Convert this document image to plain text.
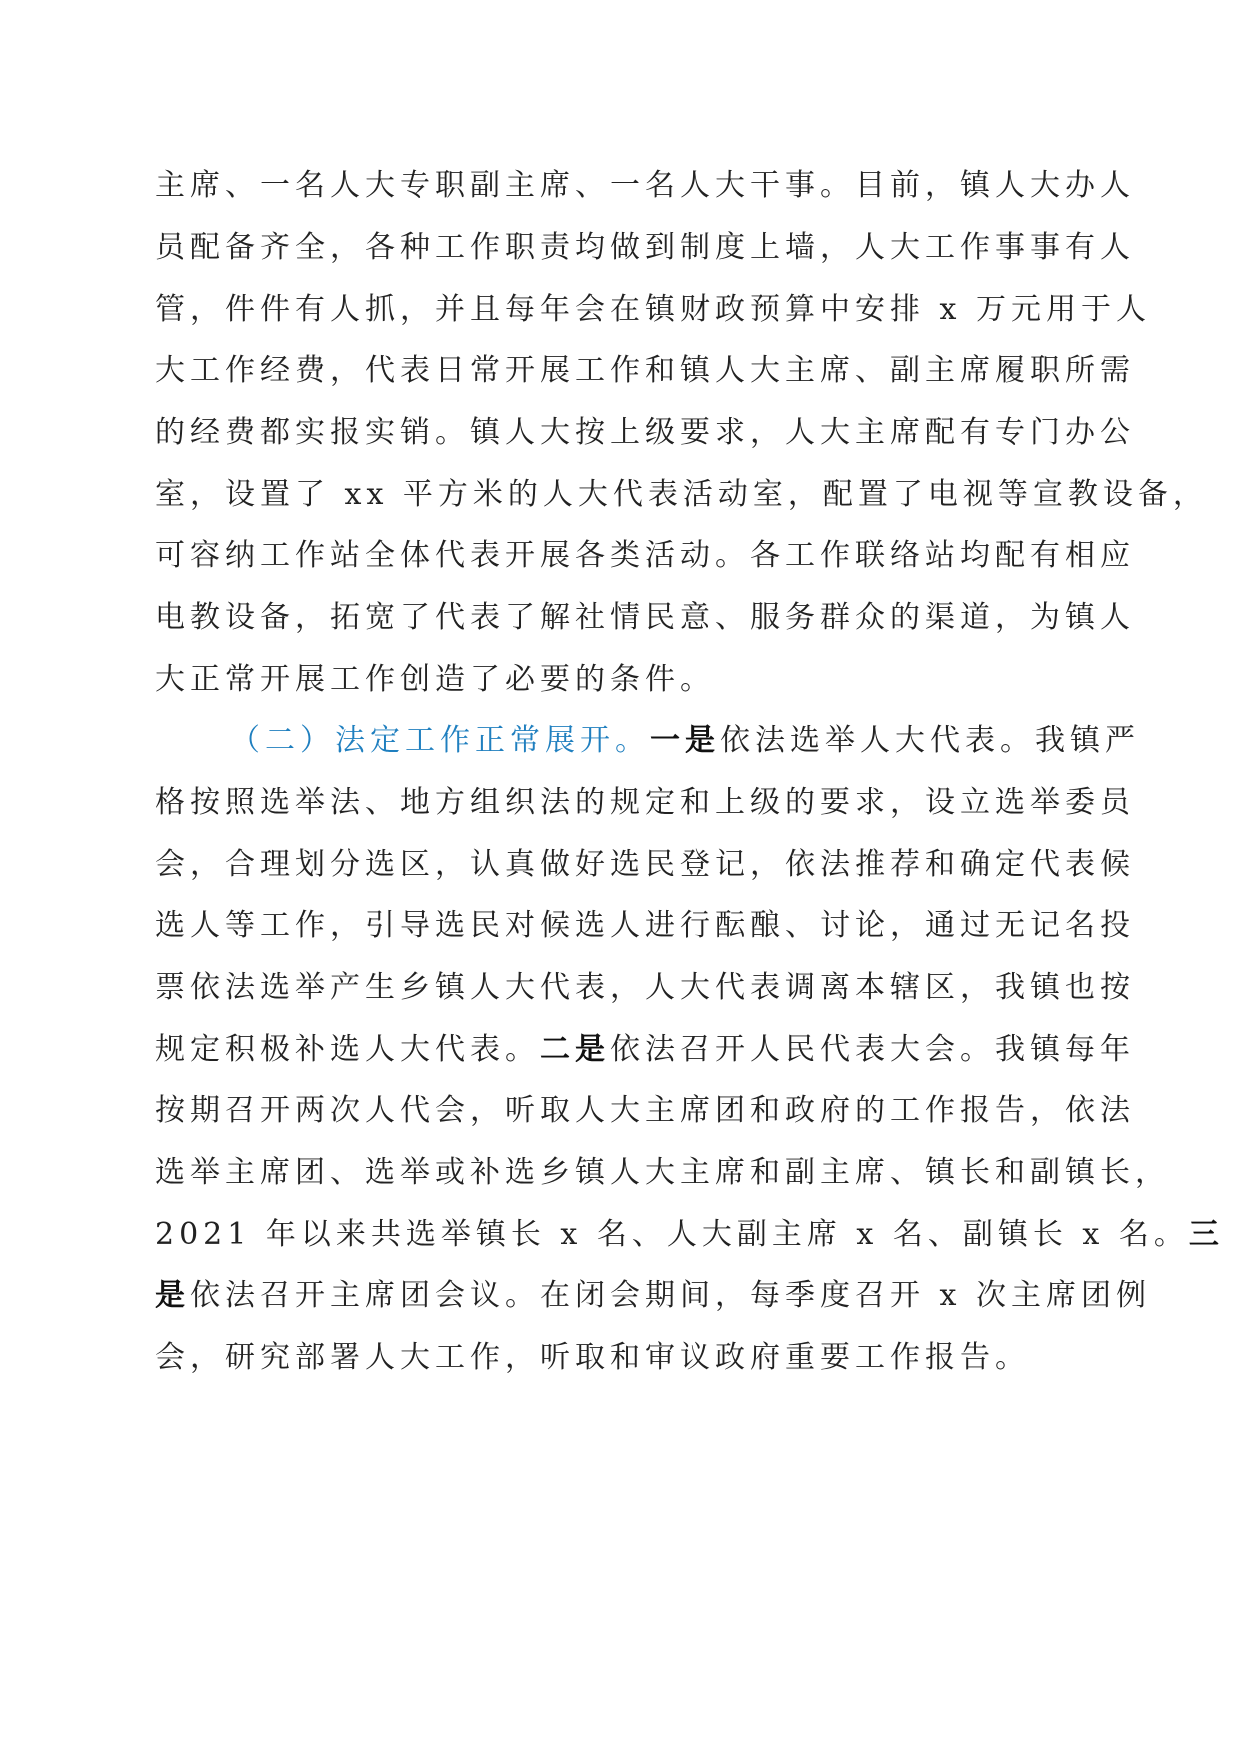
主席、一名人大专职副主席、一名人大干事。目前，镇人大办人
员配备齐全，各种工作职责均做到制度上墙，人大工作事事有人
管，件件有人抓，并且每年会在镇财政预算中安排 x 万元用于人
大工作经费，代表日常开展工作和镇人大主席、副主席履职所需
的经费都实报实销。镇人大按上级要求，人大主席配有专门办公
室，设置了 xx 平方米的人大代表活动室，配置了电视等宣教设备，
可容纳工作站全体代表开展各类活动。各工作联络站均配有相应
电教设备，拓宽了代表了解社情民意、服务群众的渠道，为镇人
大正常开展工作创造了必要的条件。
（二）法定工作正常展开。一是依法选举人大代表。我镇严
格按照选举法、地方组织法的规定和上级的要求，设立选举委员
会，合理划分选区，认真做好选民登记，依法推荐和确定代表候
选人等工作，引导选民对候选人进行酝酿、讨论，通过无记名投
票依法选举产生乡镇人大代表，人大代表调离本辖区，我镇也按
规定积极补选人大代表。二是依法召开人民代表大会。我镇每年
按期召开两次人代会，听取人大主席团和政府的工作报告，依法
选举主席团、选举或补选乡镇人大主席和副主席、镇长和副镇长，
2021 年以来共选举镇长 x 名、人大副主席 x 名、副镇长 x 名。三
是依法召开主席团会议。在闭会期间，每季度召开 x 次主席团例
会，研究部署人大工作，听取和审议政府重要工作报告。
